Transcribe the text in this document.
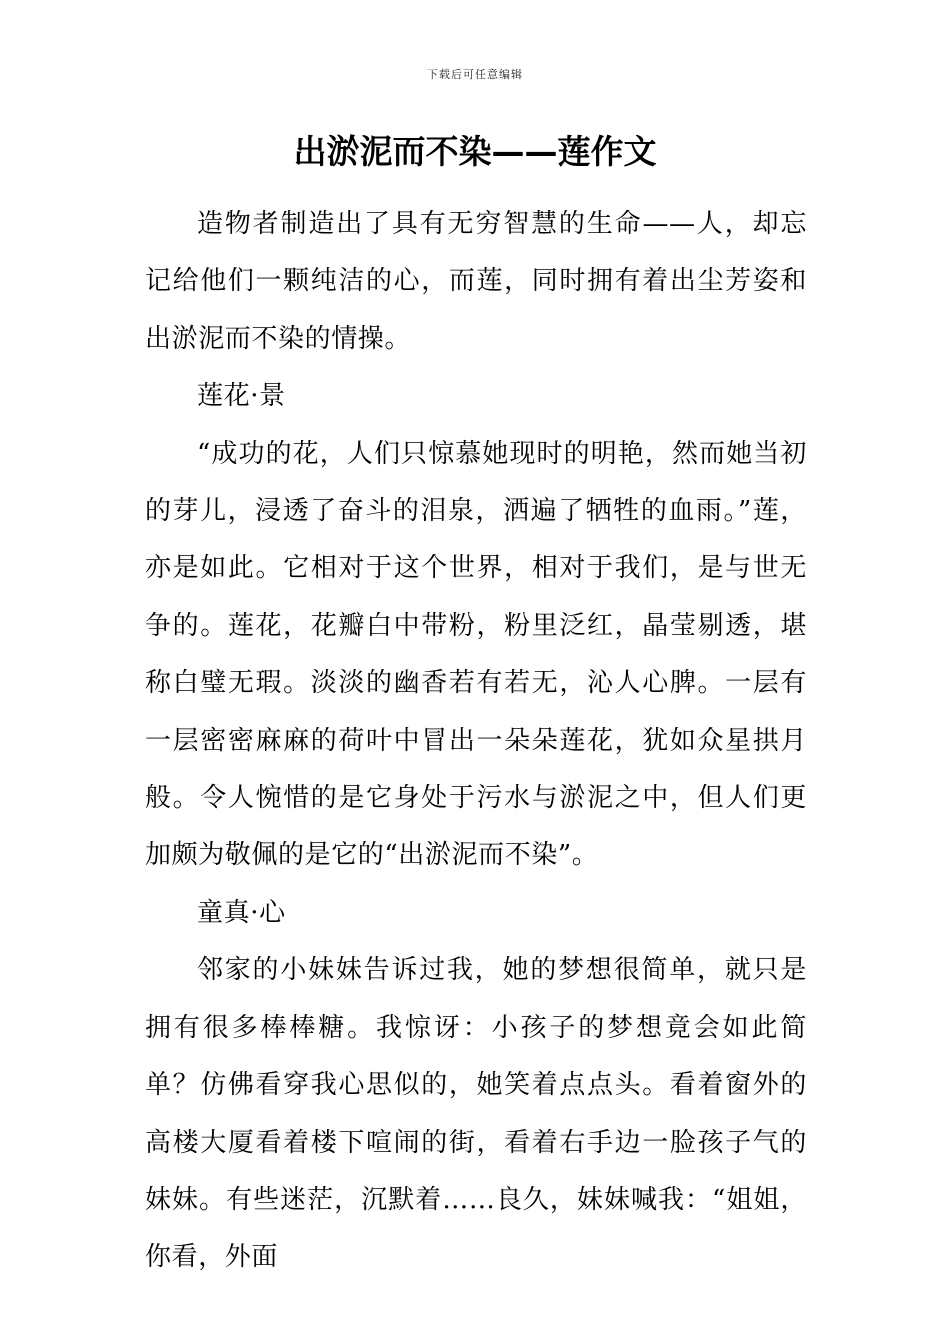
下载后可任意编辑
出淤泥而不染——莲作文

造物者制造出了具有无穷智慧的生命——人，却忘记给他们一颗纯洁的心，而莲，同时拥有着出尘芳姿和出淤泥而不染的情操。

莲花·景

“成功的花，人们只惊慕她现时的明艳，然而她当初的芽儿，浸透了奋斗的泪泉，洒遍了牺牲的血雨。”莲，亦是如此。它相对于这个世界，相对于我们，是与世无争的。莲花，花瓣白中带粉，粉里泛红，晶莹剔透，堪称白璧无瑕。淡淡的幽香若有若无，沁人心脾。一层有一层密密麻麻的荷叶中冒出一朵朵莲花，犹如众星拱月般。令人惋惜的是它身处于污水与淤泥之中，但人们更加颇为敬佩的是它的“出淤泥而不染”。

童真·心

邻家的小妹妹告诉过我，她的梦想很简单，就只是拥有很多棒棒糖。我惊讶：小孩子的梦想竟会如此简单？仿佛看穿我心思似的，她笑着点点头。看着窗外的高楼大厦看着楼下喧闹的街，看着右手边一脸孩子气的妹妹。有些迷茫，沉默着……良久，妹妹喊我：“姐姐，你看，外面
